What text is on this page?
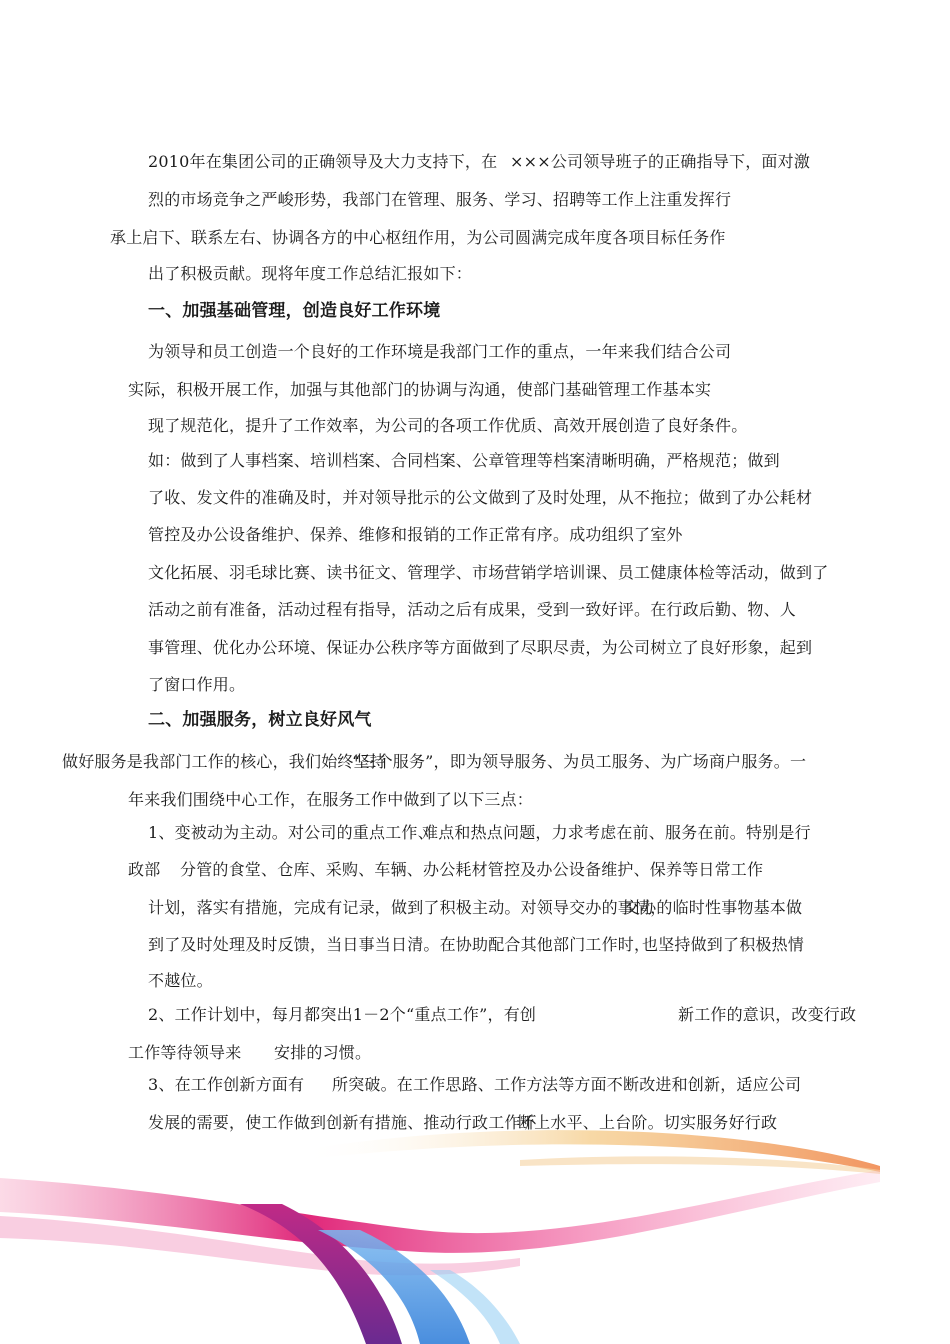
2010年在集团公司的正确领导及大力支持下，在 ×××公司领导班子的正确指导下，面对激
烈的市场竞争之严峻形势，我部门在管理、服务、学习、招聘等工作上注重发挥行
承上启下、联系左右、协调各方的中心枢纽作用，为公司圆满完成年度各项目标任务作
出了积极贡献。现将年度工作总结汇报如下：
一、加强基础管理，创造良好工作环境
为领导和员工创造一个良好的工作环境是我部门工作的重点，一年来我们结合公司
实际，积极开展工作，加强与其他部门的协调与沟通，使部门基础管理工作基本实
现了规范化，提升了工作效率，为公司的各项工作优质、高效开展创造了良好条件。
如：做到了人事档案、培训档案、合同档案、公章管理等档案清晰明确，严格规范；做到
了收、发文件的准确及时，并对领导批示的公文做到了及时处理，从不拖拉；做到了办公耗材
管控及办公设备维护、保养、维修和报销的工作正常有序。成功组织了室外
文化拓展、羽毛球比赛、读书征文、管理学、市场营销学培训课、员工健康体检等活动，做到了
活动之前有准备，活动过程有指导，活动之后有成果，受到一致好评。在行政后勤、物、人
事管理、优化办公环境、保证办公秩序等方面做到了尽职尽责，为公司树立了良好形象，起到
了窗口作用。
二、加强服务，树立良好风气
做好服务是我部门工作的核心，我们始终坚持
“三个服务”，即为领导服务、为员工服务、为广场商户服务。一
年来我们围绕中心工作，在服务工作中做到了以下三点：
1、变被动为主动。对公司的重点工作、
难点和热点问题，力求考虑在前、服务在前。特别是行
政部 分管的食堂、仓库、采购、车辆、办公耗材管控及办公设备维护、保养等日常工作
计划，落实有措施，完成有记录，做到了积极主动。对领导交办的事情，
交办的临时性事物基本做
到了及时处理及时反馈，当日事当日清。在协助配合其他部门工作时，
也坚持做到了积极热情
不越位。
2、工作计划中，每月都突出1－2个“重点工作”，有创	新工作的意识，改变行政
工作等待领导来 安排的习惯。
3、在工作创新方面有 所突破。在工作思路、工作方 法等方面不断改进和创新，适应公司
发展的需要，使工作做到创新有措施、推动行政工作不
断上水平、上台阶。切实服务好行政
